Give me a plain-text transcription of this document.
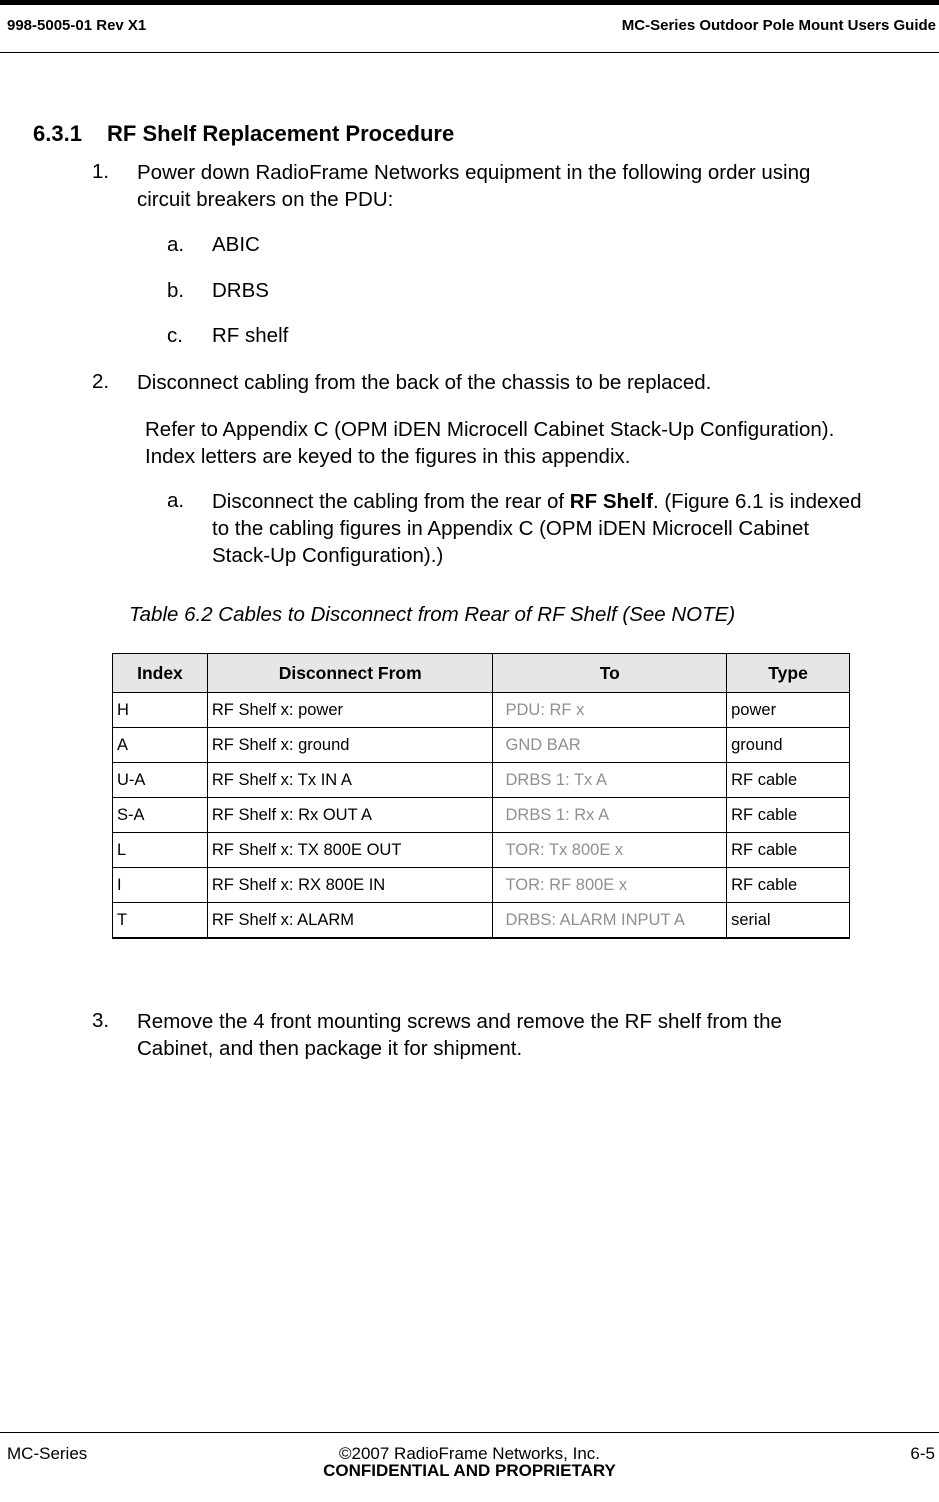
998-5005-01 Rev X1	MC-Series Outdoor Pole Mount Users Guide
6.3.1 RF Shelf Replacement Procedure
1. Power down RadioFrame Networks equipment in the following order using
circuit breakers on the PDU:
a. ABIC
b. DRBS
c. RF shelf
2. Disconnect cabling from the back of the chassis to be replaced.
Refer to Appendix C (OPM iDEN Microcell Cabinet Stack-Up Configuration).
Index letters are keyed to the figures in this appendix.
a. Disconnect the cabling from the rear of RF Shelf. (Figure 6.1 is indexed
to the cabling figures in Appendix C (OPM iDEN Microcell Cabinet
Stack-Up Configuration).)
Table 6.2 Cables to Disconnect from Rear of RF Shelf (See NOTE)
Index	Disconnect From	To	Type
H	RF Shelf x: power	PDU: RF x	power
A	RF Shelf x: ground	GND BAR	ground
U-A	RF Shelf x: Tx IN A	DRBS 1: Tx A	RF cable
S-A	RF Shelf x: Rx OUT A	DRBS 1: Rx A	RF cable
L	RF Shelf x: TX 800E OUT	TOR: Tx 800E x	RF cable
I	RF Shelf x: RX 800E IN	TOR: RF 800E x	RF cable
T	RF Shelf x: ALARM	DRBS: ALARM INPUT A	serial
3. Remove the 4 front mounting screws and remove the RF shelf from the
Cabinet, and then package it for shipment.
MC-Series	©2007 RadioFrame Networks, Inc.	6-5
CONFIDENTIAL AND PROPRIETARY
